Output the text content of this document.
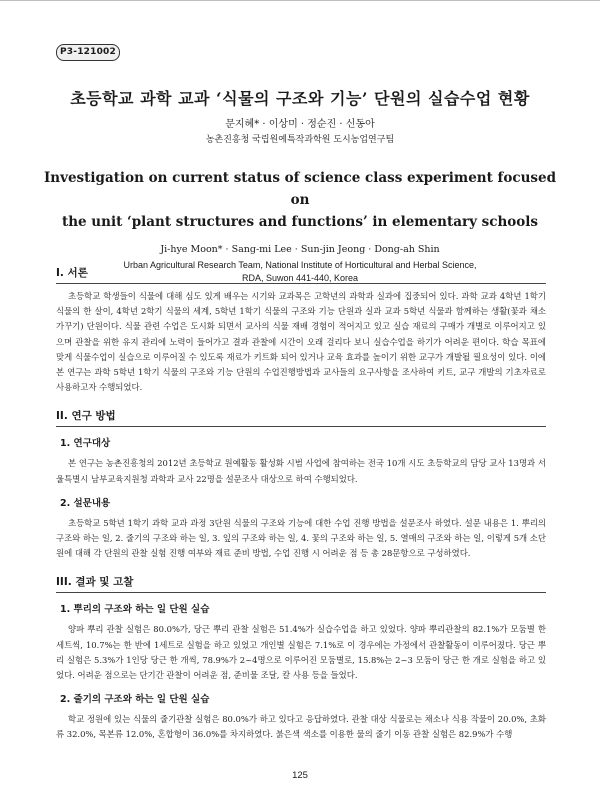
P3-121002
초등학교 과학 교과 ‘식물의 구조와 기능’ 단원의 실습수업 현황
문지혜* · 이상미 · 정순진 · 신동아
농촌진흥청 국립원예특작과학원 도시농업연구팀
Investigation on current status of science class experiment focused on
the unit ‘plant structures and functions’ in elementary schools
Ji-hye Moon* · Sang-mi Lee · Sun-jin Jeong · Dong-ah Shin
Urban Agricultural Research Team, National Institute of Horticultural and Herbal Science,
RDA, Suwon 441-440, Korea
I. 서론
초등학교 학생들이 식물에 대해 심도 있게 배우는 시기와 교과목은 고학년의 과학과 실과에 집중되어 있다. 과학 교과 4학년 1학기 식물의 한 살이, 4학년 2학기 식물의 세계, 5학년 1학기 식물의 구조와 기능 단원과 실과 교과 5학년 식물과 함께하는 생활(꽃과 채소 가꾸기) 단원이다. 식물 관련 수업은 도시화 되면서 교사의 식물 재배 경험이 적어지고 있고 실습 재료의 구매가 개별로 이루어지고 있으며 관찰을 위한 유지 관리에 노력이 들어가고 결과 관찰에 시간이 오래 걸리다 보니 실습수업을 하기가 어려운 편이다. 학습 목표에 맞게 식물수업이 실습으로 이루어질 수 있도록 재료가 키트화 되어 있거나 교육 효과를 높이기 위한 교구가 개발될 필요성이 있다. 이에 본 연구는 과학 5학년 1학기 식물의 구조와 기능 단원의 수업진행방법과 교사들의 요구사항을 조사하여 키트, 교구 개발의 기초자료로 사용하고자 수행되었다.
II. 연구 방법
1. 연구대상
본 연구는 농촌진흥청의 2012년 초등학교 원예활동 활성화 시범 사업에 참여하는 전국 10개 시도 초등학교의 담당 교사 13명과 서울특별시 남부교육지원청 과학과 교사 22명을 설문조사 대상으로 하여 수행되었다.
2. 설문내용
초등학교 5학년 1학기 과학 교과 과정 3단원 식물의 구조와 기능에 대한 수업 진행 방법을 설문조사 하였다. 설문 내용은 1. 뿌리의 구조와 하는 일, 2. 줄기의 구조와 하는 일, 3. 잎의 구조와 하는 일, 4. 꽃의 구조와 하는 일, 5. 열매의 구조와 하는 일, 이렇게 5개 소단원에 대해 각 단원의 관찰 실험 진행 여부와 재료 준비 방법, 수업 진행 시 어려운 점 등 총 28문항으로 구성하였다.
III. 결과 및 고찰
1. 뿌리의 구조와 하는 일 단원 실습
양파 뿌리 관찰 실험은 80.0%가, 당근 뿌리 관찰 실험은 51.4%가 실습수업을 하고 있었다. 양파 뿌리관찰의 82.1%가 모둠별 한 세트씩, 10.7%는 한 반에 1세트로 실험을 하고 있었고 개인별 실험은 7.1%로 이 경우에는 가정에서 관찰활동이 이루어졌다. 당근 뿌리 실험은 5.3%가 1인당 당근 한 개씩, 78.9%가 2~4명으로 이루어진 모둠별로, 15.8%는 2~3 모둠이 당근 한 개로 실험을 하고 있었다. 어려운 점으로는 단기간 관찰이 어려운 점, 준비물 조달, 칼 사용 등을 들었다.
2. 줄기의 구조와 하는 일 단원 실습
학교 정원에 있는 식물의 줄기관찰 실험은 80.0%가 하고 있다고 응답하였다. 관찰 대상 식물로는 채소나 식용 작물이 20.0%, 초화류 32.0%, 목본류 12.0%, 혼합형이 36.0%를 차지하였다. 붉은색 색소를 이용한 물의 줄기 이동 관찰 실험은 82.9%가 수행
125
